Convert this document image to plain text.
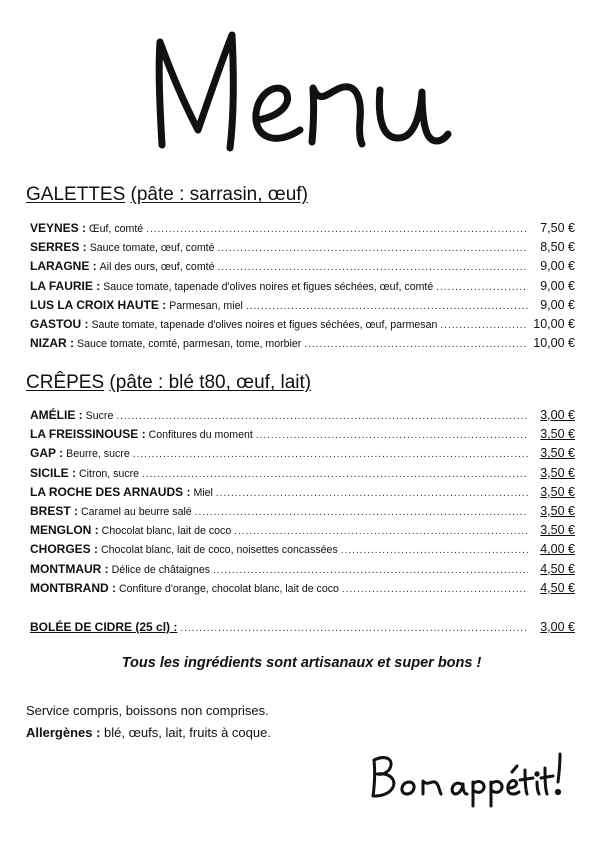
GALETTES (pâte : sarrasin, œuf)
VEYNES : Œuf, comté .....	7,50 €
SERRES : Sauce tomate, œuf, comté .....	8,50 €
LARAGNE : Ail des ours, œuf, comté .....	9,00 €
LA FAURIE : Sauce tomate, tapenade d'olives noires et figues séchées, œuf, comté .....	9,00 €
LUS LA CROIX HAUTE : Parmesan, miel .....	9,00 €
GASTOU : Saute tomate, tapenade d'olives noires et figues séchées, œuf, parmesan .....	10,00 €
NIZAR : Sauce tomate, comté, parmesan, tome, morbier .....	10,00 €
CRÊPES (pâte : blé t80, œuf, lait)
AMÉLIE : Sucre .....	3,00 €
LA FREISSINOUSE : Confitures du moment .....	3,50 €
GAP : Beurre, sucre .....	3,50 €
SICILE : Citron, sucre .....	3,50 €
LA ROCHE DES ARNAUDS : Miel .....	3,50 €
BREST : Caramel au beurre salé .....	3,50 €
MENGLON : Chocolat blanc, lait de coco .....	3,50 €
CHORGES : Chocolat blanc, lait de coco, noisettes concassées .....	4,00 €
MONTMAUR : Délice de châtaignes .....	4,50 €
MONTBRAND : Confiture d'orange, chocolat blanc, lait de coco .....	4,50 €
BOLÉE DE CIDRE (25 cl) : .....	3,00 €
Tous les ingrédients sont artisanaux et super bons !
Service compris, boissons non comprises.
Allergènes : blé, œufs, lait, fruits à coque.
